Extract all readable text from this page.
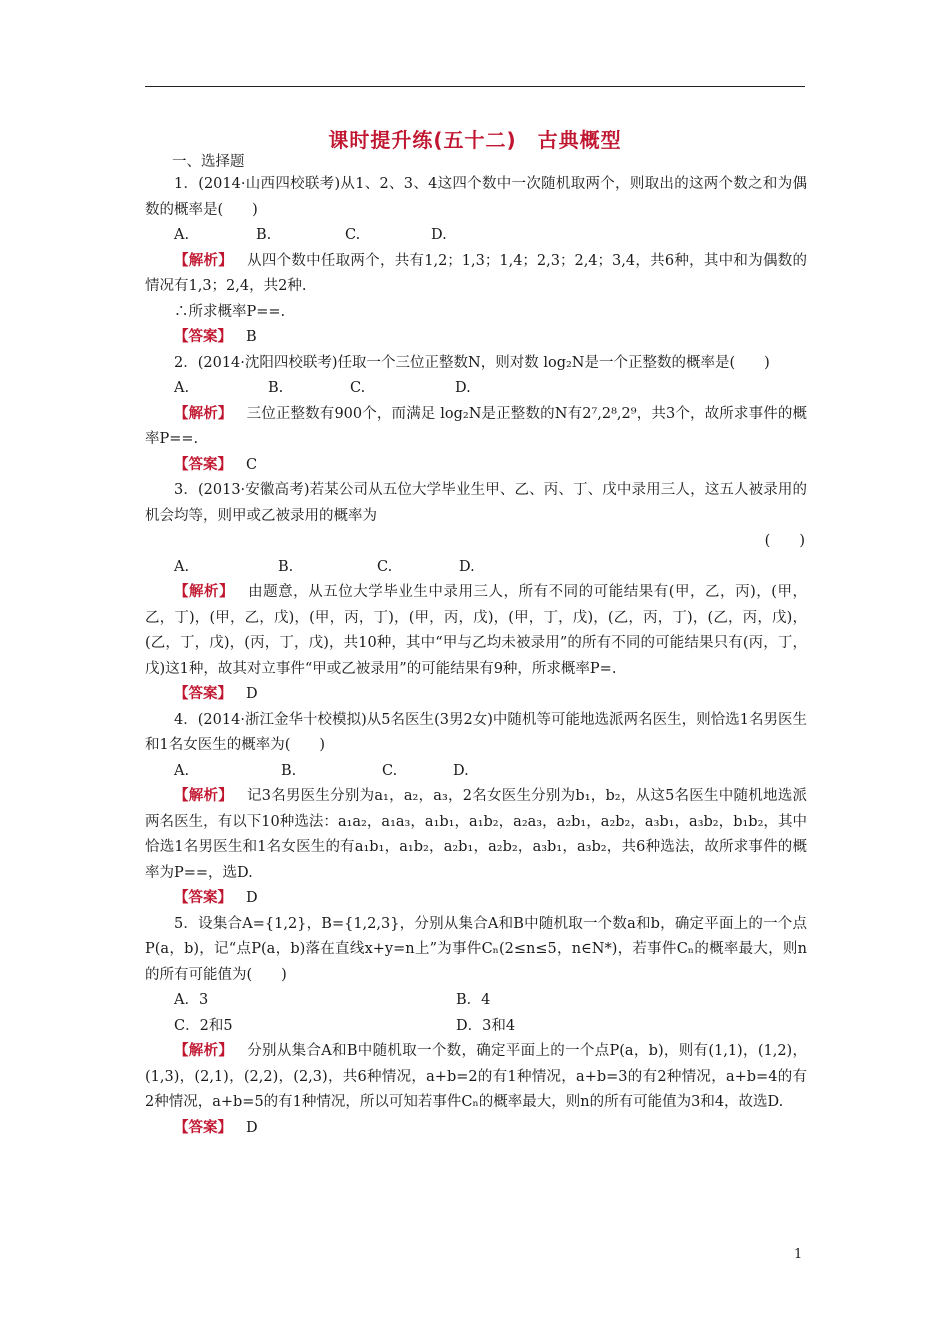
课时提升练(五十二)　古典概型
一、选择题
1．(2014·山西四校联考)从1、2、3、4这四个数中一次随机取两个，则取出的这两个数之和为偶数的概率是(　　)
A.	B.	C.	D.
【解析】 从四个数中任取两个，共有1,2；1,3；1,4；2,3；2,4；3,4，共6种，其中和为偶数的情况有1,3；2,4，共2种.
∴所求概率P==.
【答案】 B
2．(2014·沈阳四校联考)任取一个三位正整数N，则对数 log₂N是一个正整数的概率是(　　)
A.	B.	C.	D.
【解析】 三位正整数有900个，而满足 log₂N是正整数的N有2⁷,2⁸,2⁹，共3个，故所求事件的概率P==.
【答案】 C
3．(2013·安徽高考)若某公司从五位大学毕业生甲、乙、丙、丁、戊中录用三人，这五人被录用的机会均等，则甲或乙被录用的概率为
(　　)
A.	B.	C.	D.
【解析】 由题意，从五位大学毕业生中录用三人，所有不同的可能结果有(甲，乙，丙)，(甲，乙，丁)，(甲，乙，戊)，(甲，丙，丁)，(甲，丙，戊)，(甲，丁，戊)，(乙，丙，丁)，(乙，丙，戊)，(乙，丁，戊)，(丙，丁，戊)，共10种，其中“甲与乙均未被录用”的所有不同的可能结果只有(丙，丁，戊)这1种，故其对立事件“甲或乙被录用”的可能结果有9种，所求概率P=.
【答案】 D
4．(2014·浙江金华十校模拟)从5名医生(3男2女)中随机等可能地选派两名医生，则恰选1名男医生和1名女医生的概率为(　　)
A.	B.	C.	D.
【解析】 记3名男医生分别为a₁，a₂，a₃，2名女医生分别为b₁，b₂，从这5名医生中随机地选派两名医生，有以下10种选法：a₁a₂，a₁a₃，a₁b₁，a₁b₂，a₂a₃，a₂b₁，a₂b₂，a₃b₁，a₃b₂，b₁b₂，其中恰选1名男医生和1名女医生的有a₁b₁，a₁b₂，a₂b₁，a₂b₂，a₃b₁，a₃b₂，共6种选法，故所求事件的概率为P==，选D.
【答案】 D
5．设集合A={1,2}，B={1,2,3}，分别从集合A和B中随机取一个数a和b，确定平面上的一个点P(a，b)，记“点P(a，b)落在直线x+y=n上”为事件Cₙ(2≤n≤5，n∈N*)，若事件Cₙ的概率最大，则n的所有可能值为(　　)
A．3	B．4
C．2和5	D．3和4
【解析】 分别从集合A和B中随机取一个数，确定平面上的一个点P(a，b)，则有(1,1)，(1,2)，(1,3)，(2,1)，(2,2)，(2,3)，共6种情况，a+b=2的有1种情况，a+b=3的有2种情况，a+b=4的有2种情况，a+b=5的有1种情况，所以可知若事件Cₙ的概率最大，则n的所有可能值为3和4，故选D.
【答案】 D
1
